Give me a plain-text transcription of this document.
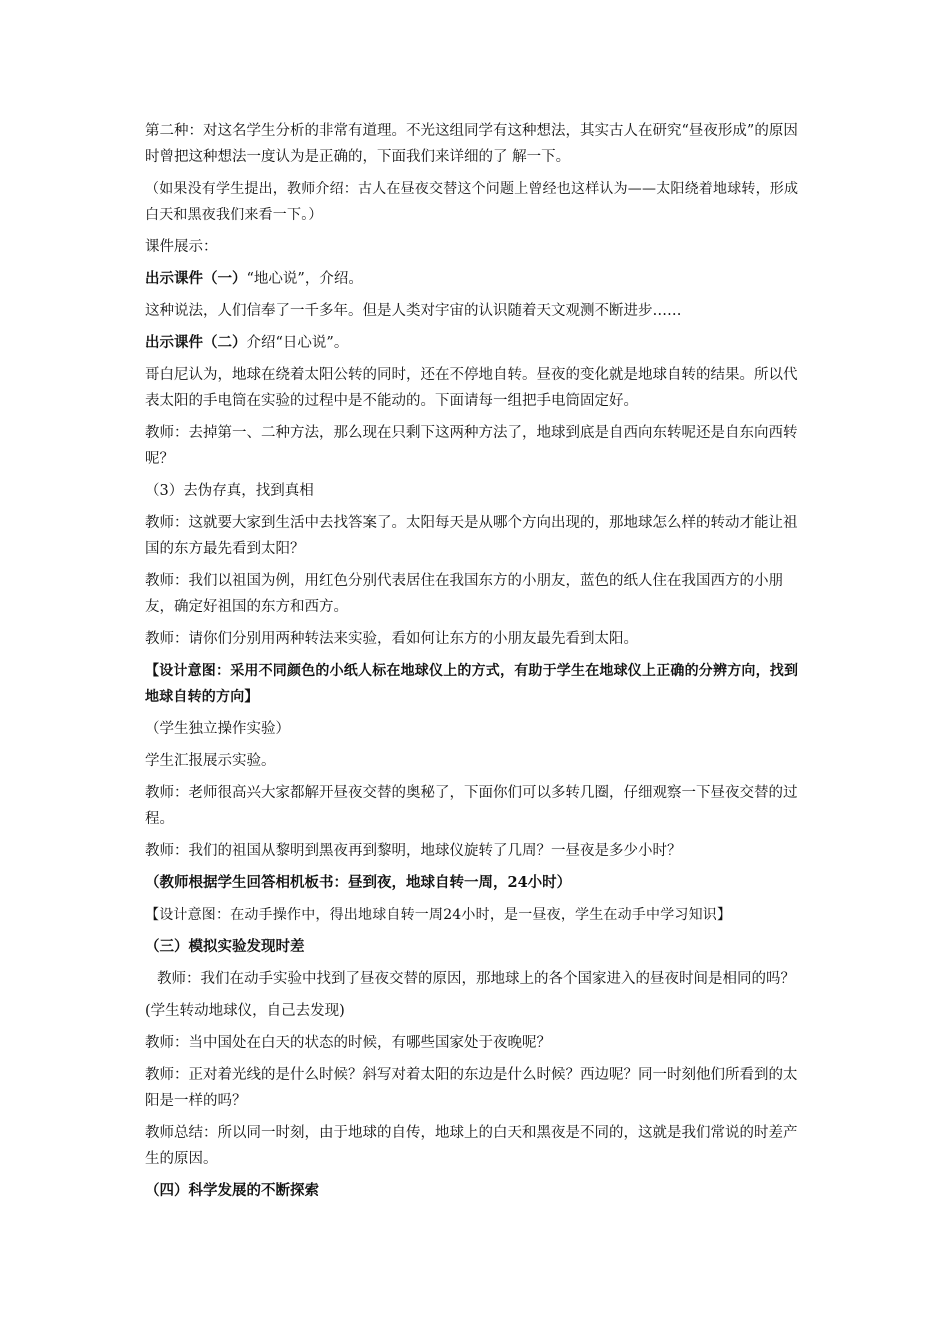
第二种：对这名学生分析的非常有道理。不光这组同学有这种想法，其实古人在研究“昼夜形成”的原因时曾把这种想法一度认为是正确的，下面我们来详细的了 解一下。

（如果没有学生提出，教师介绍：古人在昼夜交替这个问题上曾经也这样认为——太阳绕着地球转，形成白天和黑夜我们来看一下。）

课件展示：

出示课件（一）“地心说”，介绍。

这种说法，人们信奉了一千多年。但是人类对宇宙的认识随着天文观测不断进步……

出示课件（二）介绍“日心说”。

哥白尼认为，地球在绕着太阳公转的同时，还在不停地自转。昼夜的变化就是地球自转的结果。所以代表太阳的手电筒在实验的过程中是不能动的。下面请每一组把手电筒固定好。

教师：去掉第一、二种方法，那么现在只剩下这两种方法了，地球到底是自西向东转呢还是自东向西转呢？

（3）去伪存真，找到真相

教师：这就要大家到生活中去找答案了。太阳每天是从哪个方向出现的，那地球怎么样的转动才能让祖国的东方最先看到太阳？

教师：我们以祖国为例，用红色分别代表居住在我国东方的小朋友，蓝色的纸人住在我国西方的小朋友，确定好祖国的东方和西方。

教师：请你们分别用两种转法来实验，看如何让东方的小朋友最先看到太阳。

【设计意图：采用不同颜色的小纸人标在地球仪上的方式，有助于学生在地球仪上正确的分辨方向，找到地球自转的方向】

（学生独立操作实验）

学生汇报展示实验。

教师：老师很高兴大家都解开昼夜交替的奥秘了，下面你们可以多转几圈，仔细观察一下昼夜交替的过程。

教师：我们的祖国从黎明到黑夜再到黎明，地球仪旋转了几周？一昼夜是多少小时？

（教师根据学生回答相机板书：昼到夜，地球自转一周，24小时）

【设计意图：在动手操作中，得出地球自转一周24小时，是一昼夜，学生在动手中学习知识】

（三）模拟实验发现时差

教师：我们在动手实验中找到了昼夜交替的原因，那地球上的各个国家进入的昼夜时间是相同的吗？

(学生转动地球仪，自己去发现)

教师：当中国处在白天的状态的时候，有哪些国家处于夜晚呢？

教师：正对着光线的是什么时候？斜写对着太阳的东边是什么时候？西边呢？同一时刻他们所看到的太阳是一样的吗？

教师总结：所以同一时刻，由于地球的自传，地球上的白天和黑夜是不同的，这就是我们常说的时差产生的原因。

（四）科学发展的不断探索
